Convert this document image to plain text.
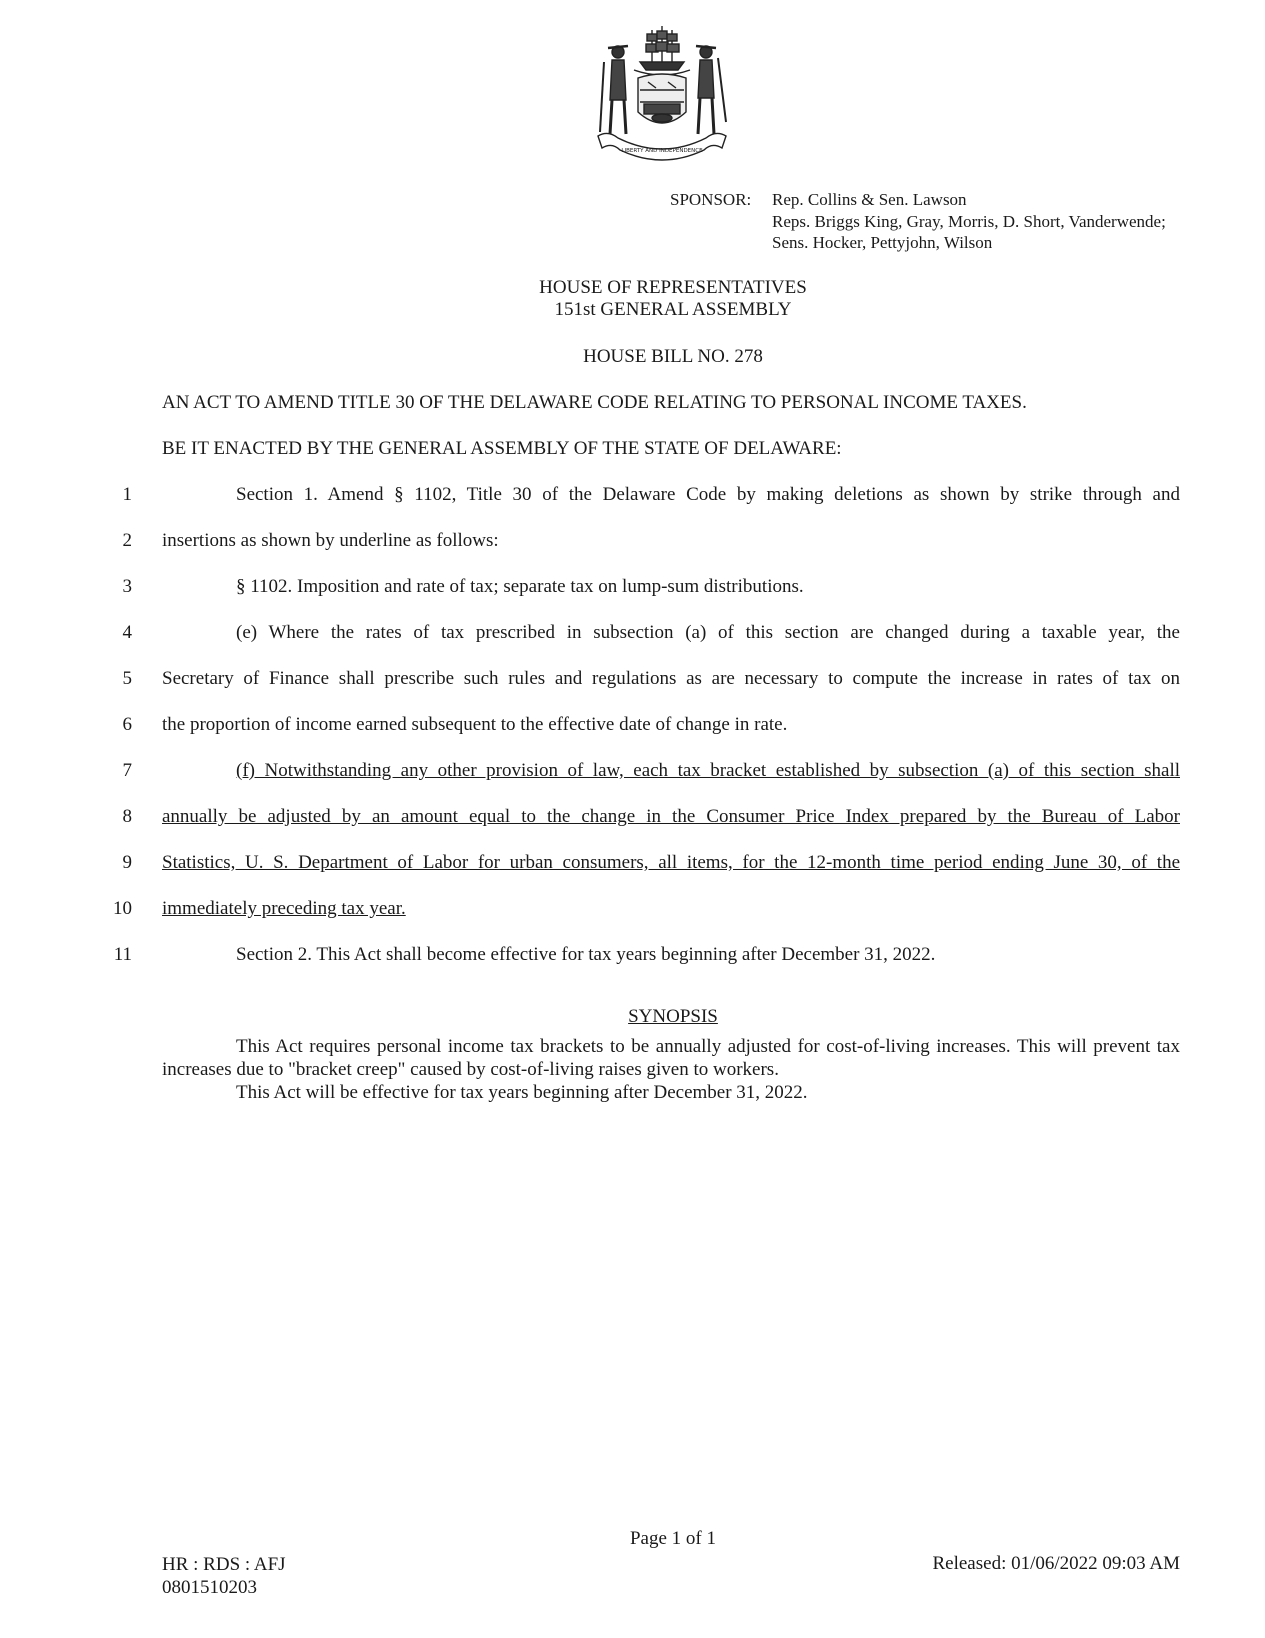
LIBERTY AND INDEPENDENCE
SPONSOR:	Rep. Collins & Sen. Lawson
Reps. Briggs King, Gray, Morris, D. Short, Vanderwende;
Sens. Hocker, Pettyjohn, Wilson
HOUSE OF REPRESENTATIVES
151st GENERAL ASSEMBLY
HOUSE BILL NO. 278
AN ACT TO AMEND TITLE 30 OF THE DELAWARE CODE RELATING TO PERSONAL INCOME TAXES.
BE IT ENACTED BY THE GENERAL ASSEMBLY OF THE STATE OF DELAWARE:
1	Section 1. Amend § 1102, Title 30 of the Delaware Code by making deletions as shown by strike through and
2 insertions as shown by underline as follows:
3	§ 1102. Imposition and rate of tax; separate tax on lump-sum distributions.
4	(e) Where the rates of tax prescribed in subsection (a) of this section are changed during a taxable year, the
5 Secretary of Finance shall prescribe such rules and regulations as are necessary to compute the increase in rates of tax on
6 the proportion of income earned subsequent to the effective date of change in rate.
7	(f) Notwithstanding any other provision of law, each tax bracket established by subsection (a) of this section shall
8 annually be adjusted by an amount equal to the change in the Consumer Price Index prepared by the Bureau of Labor
9 Statistics, U. S. Department of Labor for urban consumers, all items, for the 12-month time period ending June 30, of the
10 immediately preceding tax year.
11	Section 2. This Act shall become effective for tax years beginning after December 31, 2022.
SYNOPSIS

This Act requires personal income tax brackets to be annually adjusted for cost-of-living increases. This will prevent tax increases due to "bracket creep" caused by cost-of-living raises given to workers.

This Act will be effective for tax years beginning after December 31, 2022.

Page 1 of 1
HR : RDS : AFJ
0801510203
Released: 01/06/2022 09:03 AM
